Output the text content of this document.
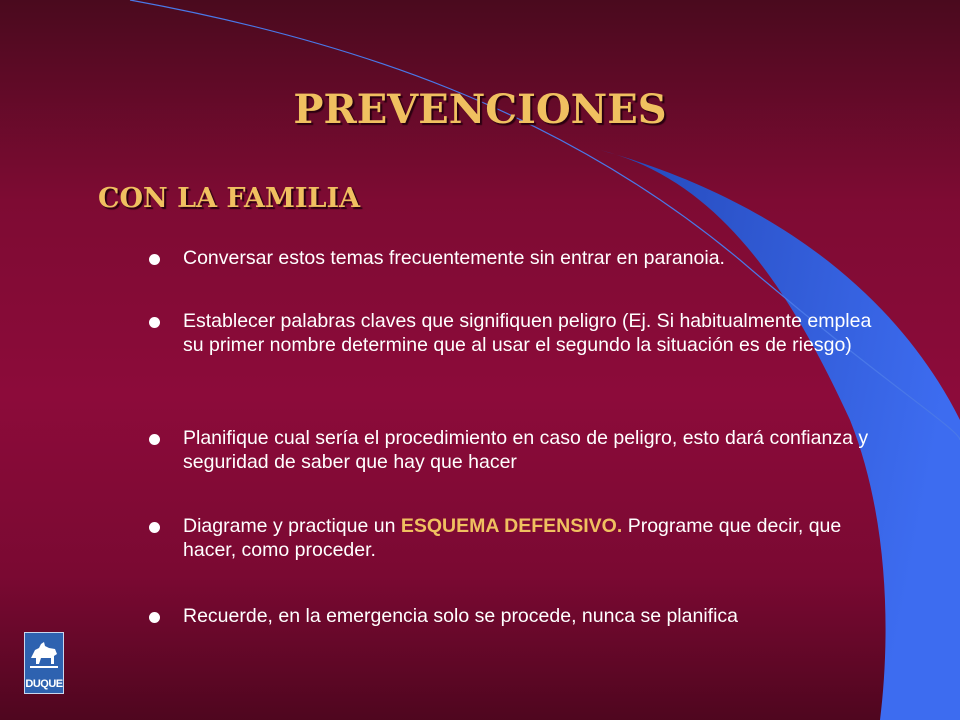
PREVENCIONES
CON LA FAMILIA
Conversar estos temas frecuentemente sin entrar en paranoia.
Establecer palabras claves que signifiquen peligro (Ej. Si habitualmente emplea su primer nombre determine que al usar el segundo la situación es de riesgo)
Planifique cual sería el procedimiento en caso de peligro, esto dará confianza y seguridad de saber que hay que hacer
Diagrame y practique un ESQUEMA DEFENSIVO. Programe que decir, que hacer, como proceder.
Recuerde, en la emergencia solo se procede, nunca se planifica
DUQUE
